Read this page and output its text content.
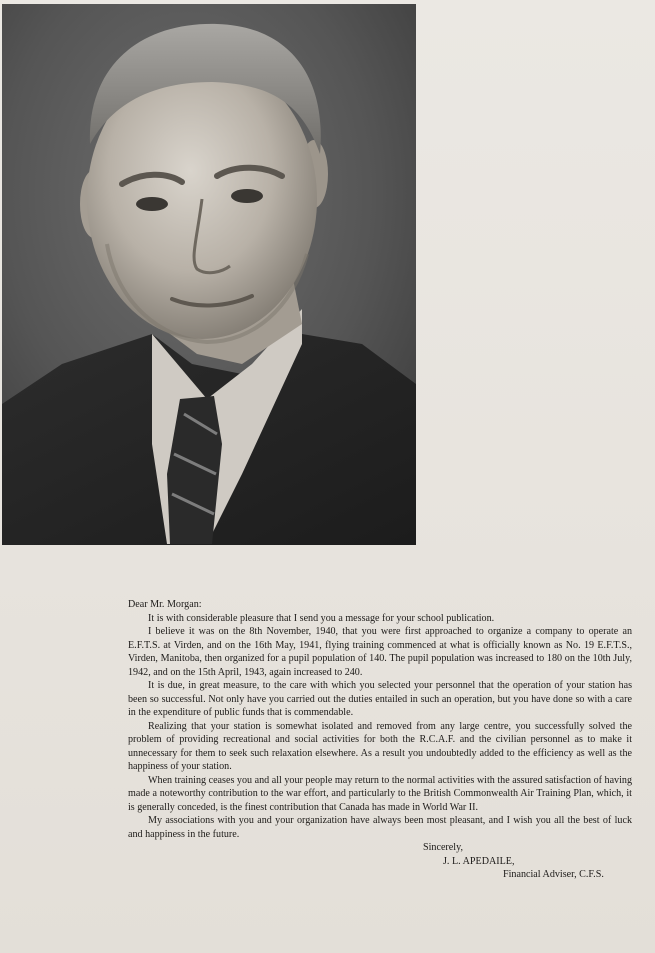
Dear Mr. Morgan:

It is with considerable pleasure that I send you a message for your school publication.

I believe it was on the 8th November, 1940, that you were first approached to organize a company to operate an E.F.T.S. at Virden, and on the 16th May, 1941, flying training commenced at what is officially known as No. 19 E.F.T.S., Virden, Manitoba, then organized for a pupil population of 140. The pupil population was increased to 180 on the 10th July, 1942, and on the 15th April, 1943, again increased to 240.

It is due, in great measure, to the care with which you selected your personnel that the operation of your station has been so successful. Not only have you carried out the duties entailed in such an operation, but you have done so with a care in the expenditure of public funds that is commendable.

Realizing that your station is somewhat isolated and removed from any large centre, you successfully solved the problem of providing recreational and social activities for both the R.C.A.F. and the civilian personnel as to make it unnecessary for them to seek such relaxation elsewhere. As a result you undoubtedly added to the efficiency as well as the happiness of your station.

When training ceases you and all your people may return to the normal activities with the assured satisfaction of having made a noteworthy contribution to the war effort, and particularly to the British Commonwealth Air Training Plan, which, it is generally conceded, is the finest contribution that Canada has made in World War II.

My associations with you and your organization have always been most pleasant, and I wish you all the best of luck and happiness in the future.

Sincerely,

J. L. APEDAILE,

Financial Adviser, C.F.S.
